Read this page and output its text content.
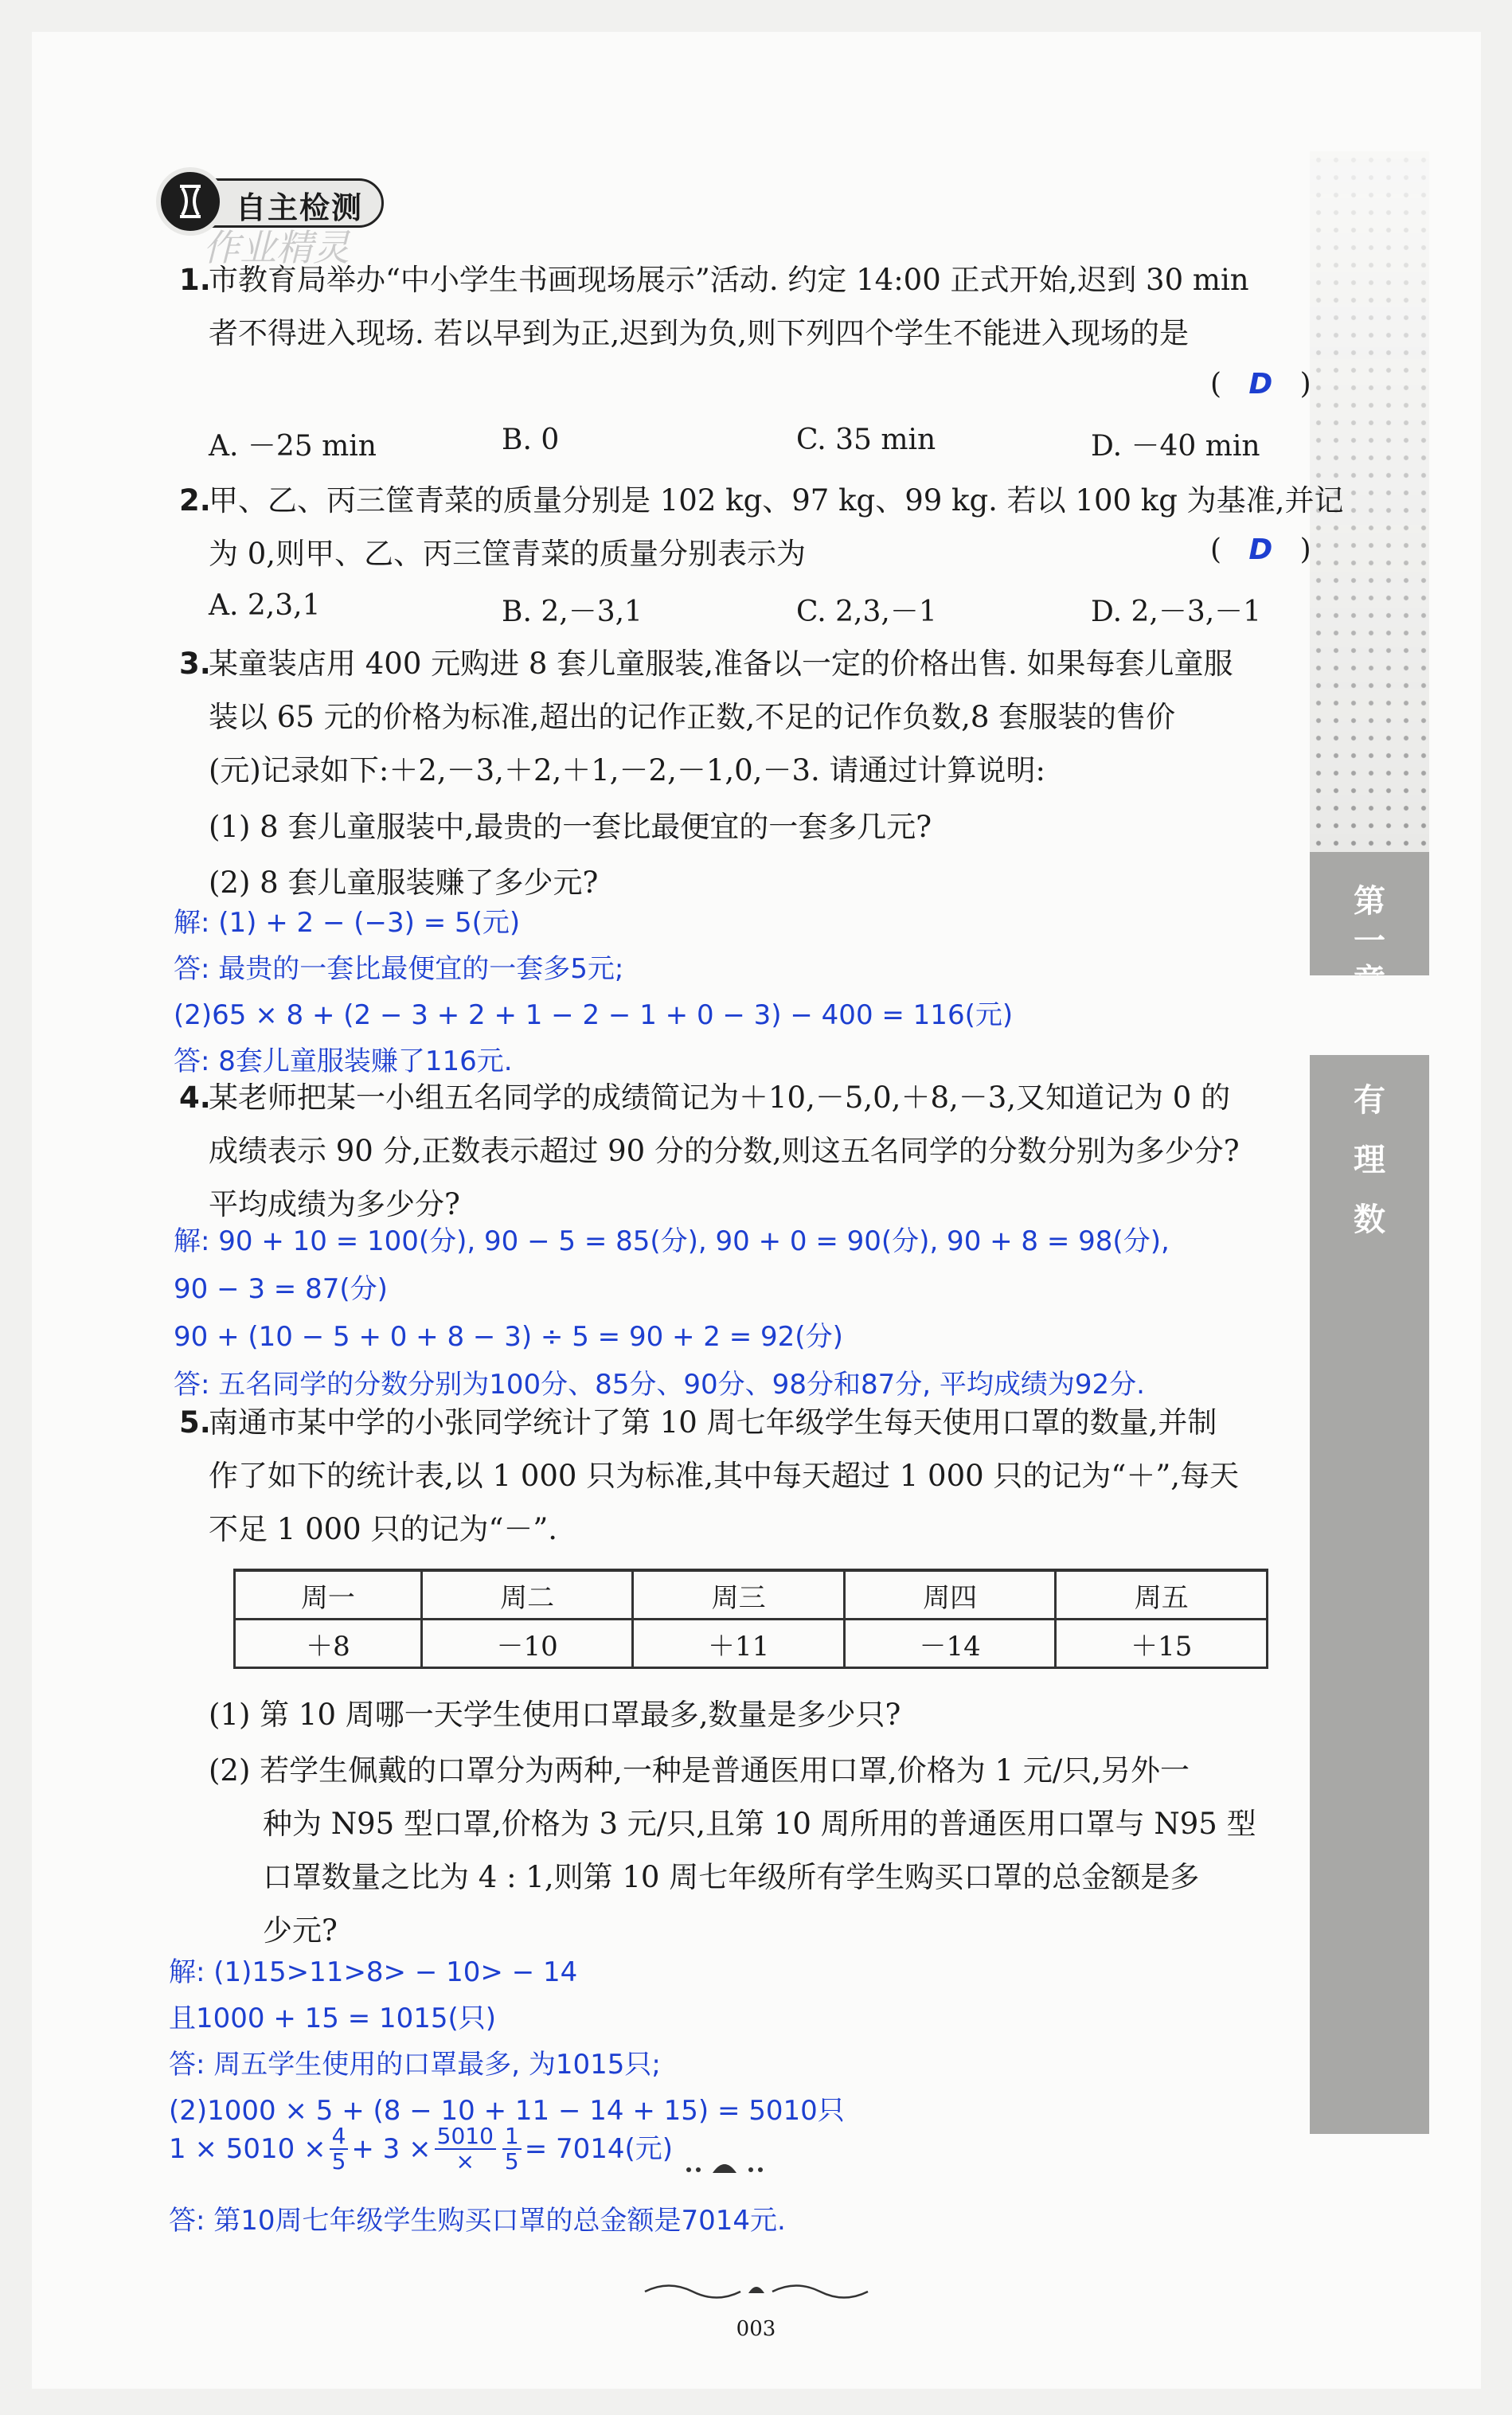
第
一
有
理
数
自主检测
作业精灵
1.
市教育局举办“中小学生书画现场展示”活动. 约定 14:00 正式开始,迟到 30 min
者不得进入现场. 若以早到为正,迟到为负,则下列四个学生不能进入现场的是
( D )
A. －25 min	B. 0	C. 35 min	D. －40 min
2.
甲、乙、丙三筐青菜的质量分别是 102 kg、97 kg、99 kg. 若以 100 kg 为基准,并记
为 0,则甲、乙、丙三筐青菜的质量分别表示为	( D )
A. 2,3,1	B. 2,－3,1	C. 2,3,－1	D. 2,－3,－1
3.
某童装店用 400 元购进 8 套儿童服装,准备以一定的价格出售. 如果每套儿童服
装以 65 元的价格为标准,超出的记作正数,不足的记作负数,8 套服装的售价
(元)记录如下:＋2,－3,＋2,＋1,－2,－1,0,－3. 请通过计算说明:
(1) 8 套儿童服装中,最贵的一套比最便宜的一套多几元?
(2) 8 套儿童服装赚了多少元?
解: (1) + 2 − (−3) = 5(元)
答: 最贵的一套比最便宜的一套多5元;
(2)65 × 8 + (2 − 3 + 2 + 1 − 2 − 1 + 0 − 3) − 400 = 116(元)
答: 8套儿童服装赚了116元.
4.
某老师把某一小组五名同学的成绩简记为＋10,－5,0,＋8,－3,又知道记为 0 的
成绩表示 90 分,正数表示超过 90 分的分数,则这五名同学的分数分别为多少分?
平均成绩为多少分?
解: 90 + 10 = 100(分), 90 − 5 = 85(分), 90 + 0 = 90(分), 90 + 8 = 98(分),
90 − 3 = 87(分)
90 + (10 − 5 + 0 + 8 − 3) ÷ 5 = 90 + 2 = 92(分)
答: 五名同学的分数分别为100分、85分、90分、98分和87分, 平均成绩为92分.
5.
南通市某中学的小张同学统计了第 10 周七年级学生每天使用口罩的数量,并制
作了如下的统计表,以 1 000 只为标准,其中每天超过 1 000 只的记为“＋”,每天
不足 1 000 只的记为“－”.
周一	周二	周三	周四	周五
＋8	－10	＋11	－14	＋15
(1) 第 10 周哪一天学生使用口罩最多,数量是多少只?
(2) 若学生佩戴的口罩分为两种,一种是普通医用口罩,价格为 1 元/只,另外一
种为 N95 型口罩,价格为 3 元/只,且第 10 周所用的普通医用口罩与 N95 型
口罩数量之比为 4 : 1,则第 10 周七年级所有学生购买口罩的总金额是多
少元?
解: (1)15>11>8> − 10> − 14
且1000 + 15 = 1015(只)
答: 周五学生使用的口罩最多, 为1015只;
(2)1000 × 5 + (8 − 10 + 11 − 14 + 15) = 5010只
$1 \times 5010 \times \frac{4}{5} + 3 \times \frac{5010}{\times} \frac{1}{5} = 7014$(元)
答: 第10周七年级学生购买口罩的总金额是7014元.
003
